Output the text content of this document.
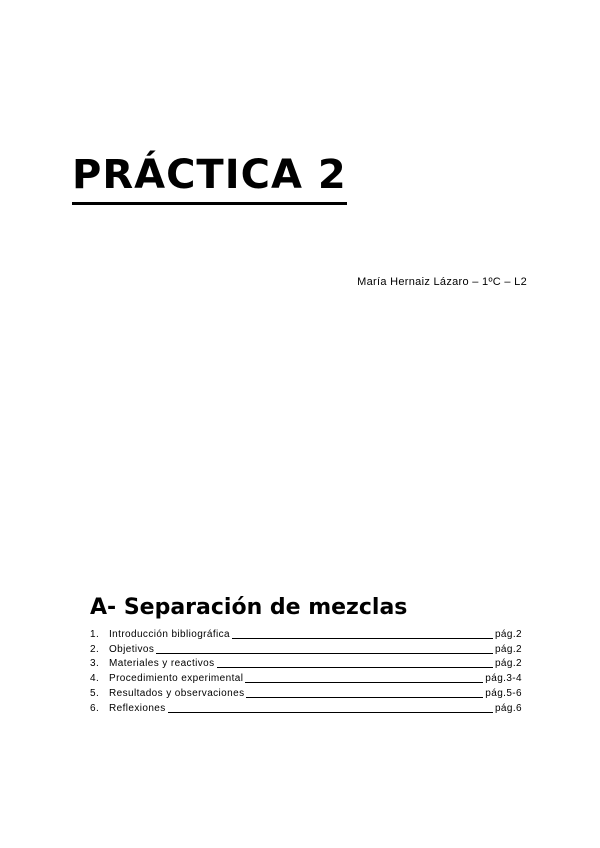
PRÁCTICA 2
María Hernaiz Lázaro – 1ºC – L2
A- Separación de mezclas
1. Introducción bibliográfica	pág.2
2. Objetivos	pág.2
3. Materiales y reactivos	pág.2
4. Procedimiento experimental	pág.3-4
5. Resultados y observaciones	pág.5-6
6. Reflexiones	pág.6
